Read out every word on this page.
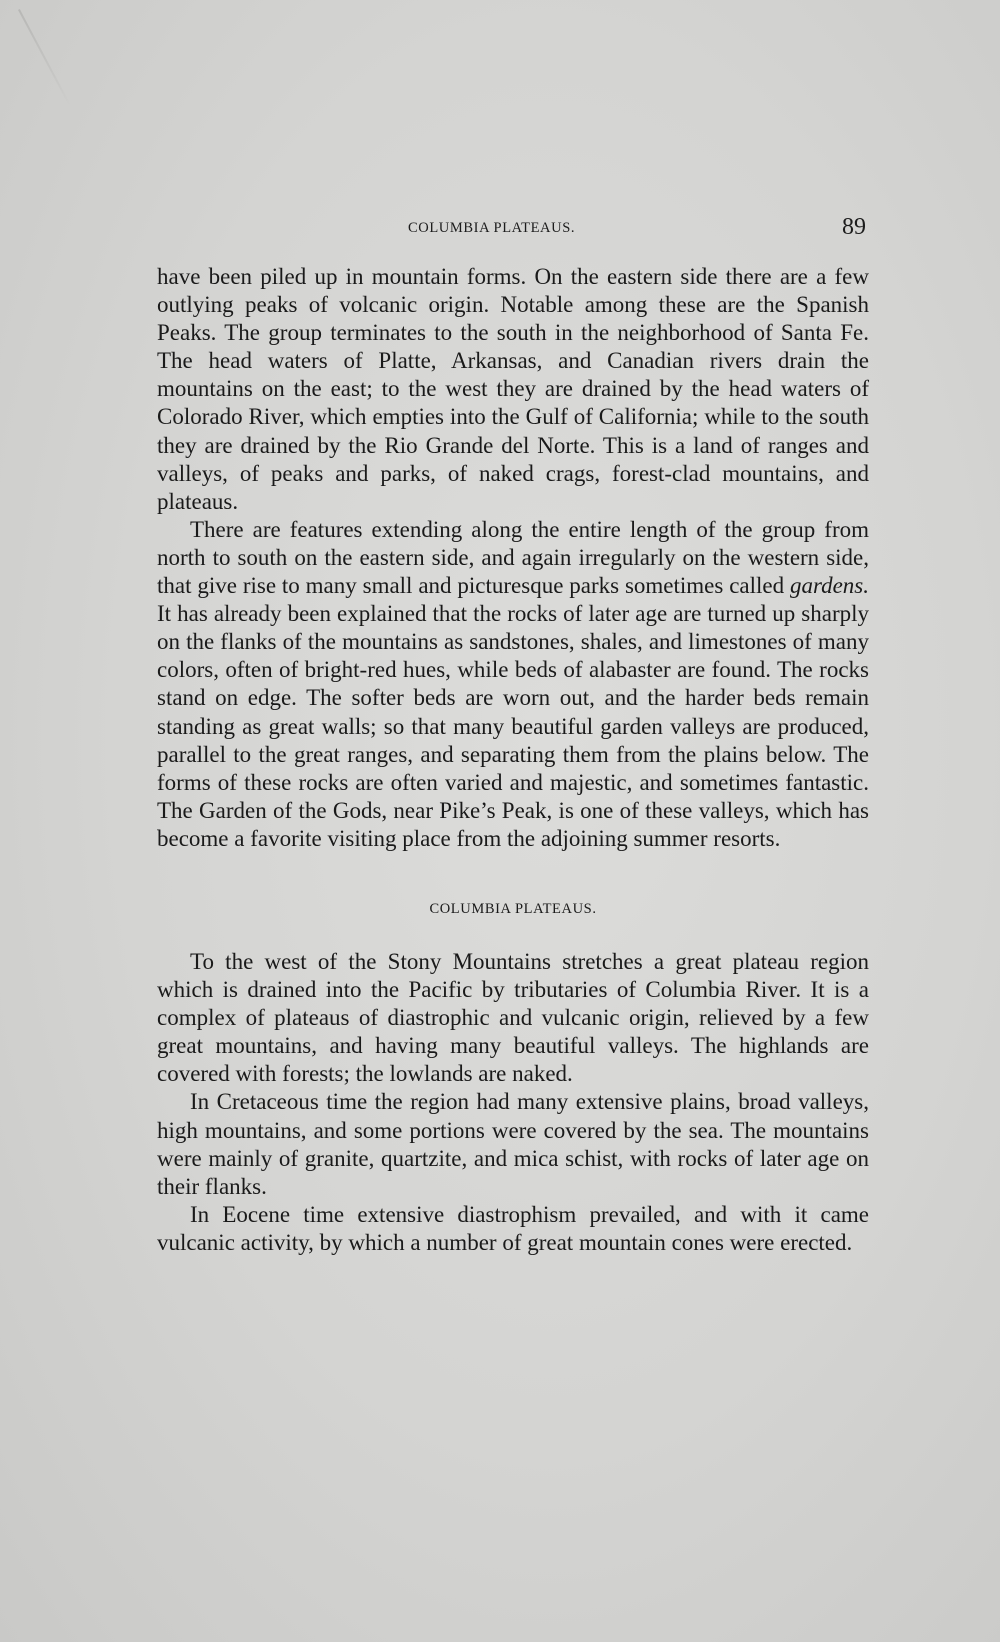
COLUMBIA PLATEAUS.	89

have been piled up in mountain forms. On the eastern side there are a few outlying peaks of volcanic origin. Notable among these are the Spanish Peaks. The group terminates to the south in the neighborhood of Santa Fe. The head waters of Platte, Arkansas, and Canadian rivers drain the mountains on the east; to the west they are drained by the head waters of Colorado River, which empties into the Gulf of California; while to the south they are drained by the Rio Grande del Norte. This is a land of ranges and valleys, of peaks and parks, of naked crags, forest-clad mountains, and plateaus.

There are features extending along the entire length of the group from north to south on the eastern side, and again irregularly on the western side, that give rise to many small and picturesque parks sometimes called gardens. It has already been explained that the rocks of later age are turned up sharply on the flanks of the mountains as sandstones, shales, and limestones of many colors, often of bright-red hues, while beds of alabaster are found. The rocks stand on edge. The softer beds are worn out, and the harder beds remain standing as great walls; so that many beautiful garden valleys are produced, parallel to the great ranges, and separating them from the plains below. The forms of these rocks are often varied and majestic, and sometimes fantastic. The Garden of the Gods, near Pike’s Peak, is one of these valleys, which has become a favorite visiting place from the adjoining summer resorts.

COLUMBIA PLATEAUS.

To the west of the Stony Mountains stretches a great plateau region which is drained into the Pacific by tributaries of Columbia River. It is a complex of plateaus of diastrophic and vulcanic origin, relieved by a few great mountains, and having many beautiful valleys. The highlands are covered with forests; the lowlands are naked.

In Cretaceous time the region had many extensive plains, broad valleys, high mountains, and some portions were covered by the sea. The mountains were mainly of granite, quartzite, and mica schist, with rocks of later age on their flanks.

In Eocene time extensive diastrophism prevailed, and with it came vulcanic activity, by which a number of great mountain cones were erected.
